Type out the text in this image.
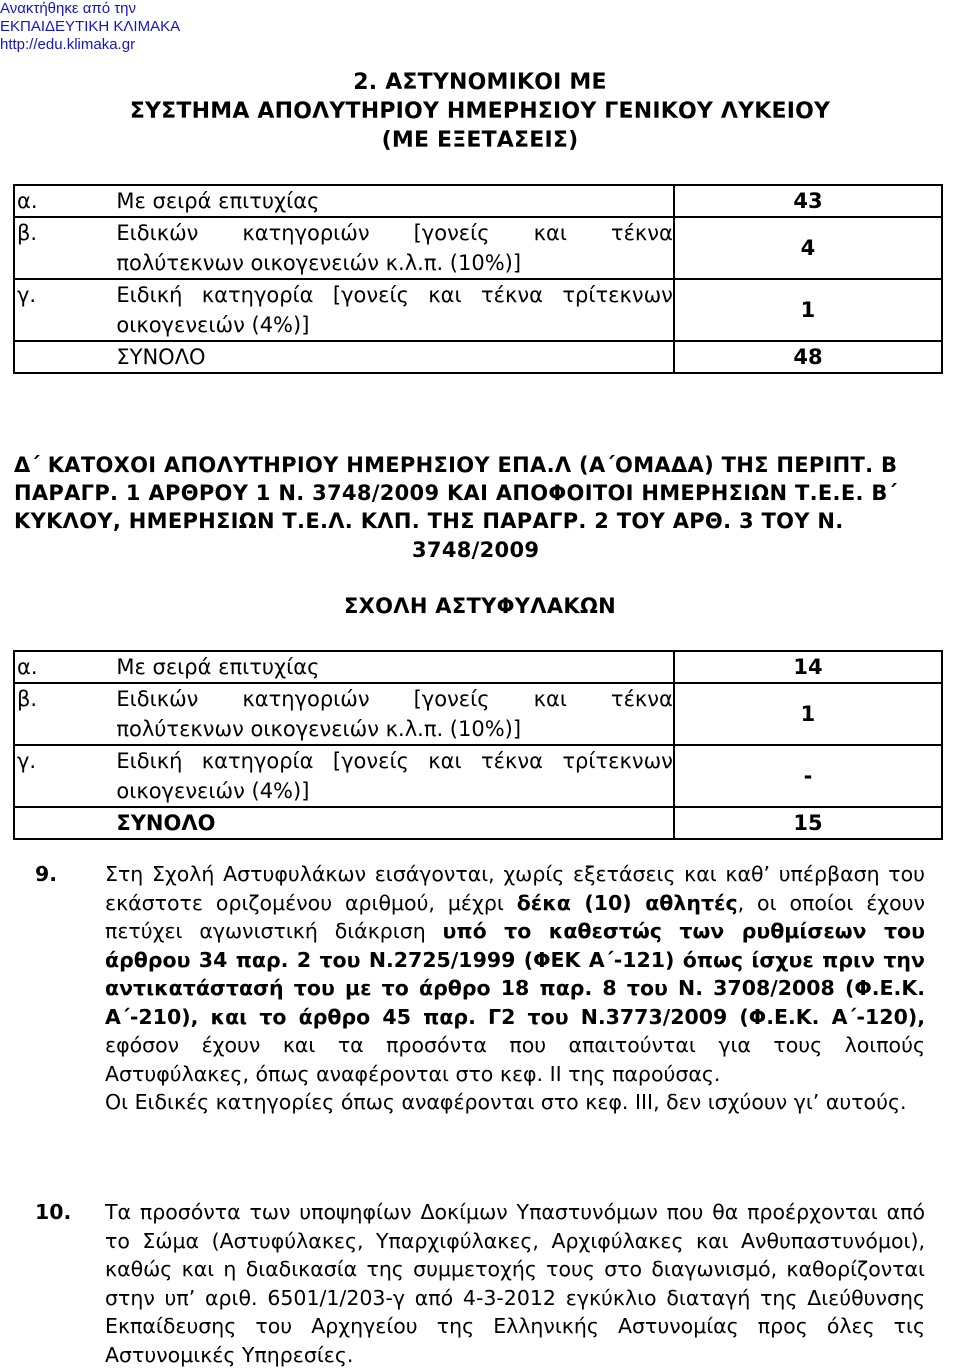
Ανακτήθηκε από την
ΕΚΠΑΙΔΕΥΤΙΚΗ ΚΛΙΜΑΚΑ
http://edu.klimaka.gr
2. ΑΣΤΥΝΟΜΙΚΟΙ ΜΕ
ΣΥΣΤΗΜΑ ΑΠΟΛΥΤΗΡΙΟΥ ΗΜΕΡΗΣΙΟΥ ΓΕΝΙΚΟΥ ΛΥΚΕΙΟΥ
(ΜΕ ΕΞΕΤΑΣΕΙΣ)
α.	Με σειρά επιτυχίας	43
β.	Ειδικών κατηγοριών [γονείς και τέκνα
πολύτεκνων οικογενειών κ.λ.π. (10%)]	4
γ.	Ειδική κατηγορία [γονείς και τέκνα τρίτεκνων
οικογενειών (4%)]	1
	ΣΥΝΟΛΟ	48
Δ΄ ΚΑΤΟΧΟΙ ΑΠΟΛΥΤΗΡΙΟΥ ΗΜΕΡΗΣΙΟΥ ΕΠΑ.Λ (Α΄ΟΜΑΔΑ) ΤΗΣ ΠΕΡΙΠΤ. Β
ΠΑΡΑΓΡ. 1 ΑΡΘΡΟΥ 1 Ν. 3748/2009 ΚΑΙ ΑΠΟΦΟΙΤΟΙ ΗΜΕΡΗΣΙΩΝ Τ.Ε.Ε. Β΄
ΚΥΚΛΟΥ, ΗΜΕΡΗΣΙΩΝ Τ.Ε.Λ. ΚΛΠ. ΤΗΣ ΠΑΡΑΓΡ. 2 ΤΟΥ ΑΡΘ. 3 ΤΟΥ Ν.
3748/2009
ΣΧΟΛΗ ΑΣΤΥΦΥΛΑΚΩΝ
α.	Με σειρά επιτυχίας	14
β.	Ειδικών κατηγοριών [γονείς και τέκνα
πολύτεκνων οικογενειών κ.λ.π. (10%)]	1
γ.	Ειδική κατηγορία [γονείς και τέκνα τρίτεκνων
οικογενειών (4%)]	-
	ΣΥΝΟΛΟ	15
9. Στη Σχολή Αστυφυλάκων εισάγονται, χωρίς εξετάσεις και καθ’ υπέρβαση του εκάστοτε οριζομένου αριθμού, μέχρι δέκα (10) αθλητές, οι οποίοι έχουν πετύχει αγωνιστική διάκριση υπό το καθεστώς των ρυθμίσεων του άρθρου 34 παρ. 2 του Ν.2725/1999 (ΦΕΚ Α΄-121) όπως ίσχυε πριν την αντικατάστασή του με το άρθρο 18 παρ. 8 του Ν. 3708/2008 (Φ.Ε.Κ. Α΄-210), και το άρθρο 45 παρ. Γ2 του Ν.3773/2009 (Φ.Ε.Κ. Α΄-120), εφόσον έχουν και τα προσόντα που απαιτούνται για τους λοιπούς Αστυφύλακες, όπως αναφέρονται στο κεφ. ΙΙ της παρούσας.

Οι Ειδικές κατηγορίες όπως αναφέρονται στο κεφ. ΙΙΙ, δεν ισχύουν γι’ αυτούς.

10. Τα προσόντα των υποψηφίων Δοκίμων Υπαστυνόμων που θα προέρχονται από το Σώμα (Αστυφύλακες, Υπαρχιφύλακες, Αρχιφύλακες και Ανθυπαστυνόμοι), καθώς και η διαδικασία της συμμετοχής τους στο διαγωνισμό, καθορίζονται στην υπ’ αριθ. 6501/1/203-γ από 4-3-2012 εγκύκλιο διαταγή της Διεύθυνσης Εκπαίδευσης του Αρχηγείου της Ελληνικής Αστυνομίας προς όλες τις Αστυνομικές Υπηρεσίες.
